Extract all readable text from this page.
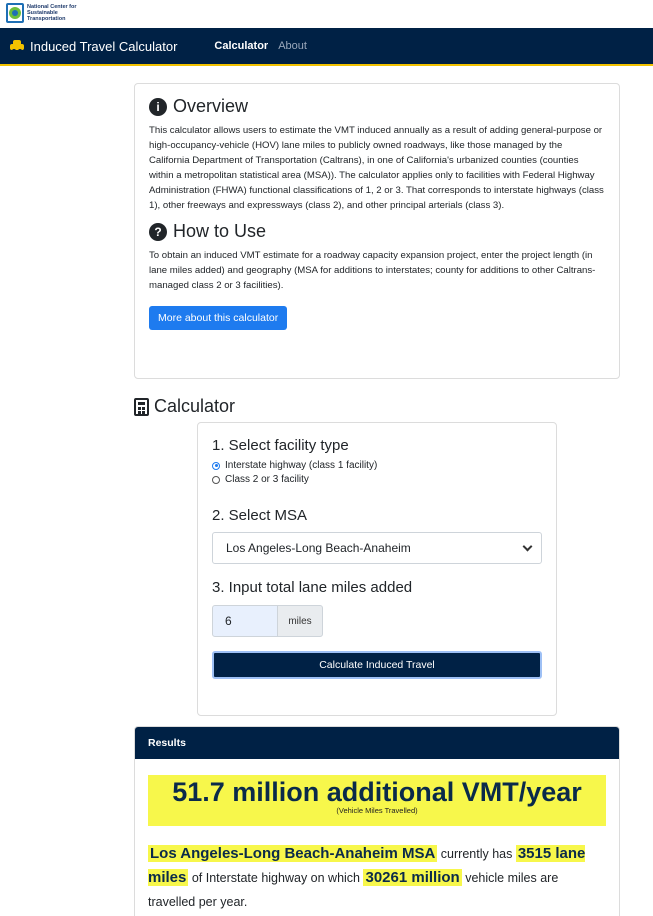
National Center for Sustainable Transportation
Induced Travel Calculator	Calculator About
i Overview

This calculator allows users to estimate the VMT induced annually as a result of adding general-purpose or high-occupancy-vehicle (HOV) lane miles to publicly owned roadways, like those managed by the California Department of Transportation (Caltrans), in one of California's urbanized counties (counties within a metropolitan statistical area (MSA)). The calculator applies only to facilities with Federal Highway Administration (FHWA) functional classifications of 1, 2 or 3. That corresponds to interstate highways (class 1), other freeways and expressways (class 2), and other principal arterials (class 3).

? How to Use

To obtain an induced VMT estimate for a roadway capacity expansion project, enter the project length (in lane miles added) and geography (MSA for additions to interstates; county for additions to other Caltrans-managed class 2 or 3 facilities).

More about this calculator
Calculator
1. Select facility type
Interstate highway (class 1 facility)
Class 2 or 3 facility
2. Select MSA
Los Angeles-Long Beach-Anaheim
3. Input total lane miles added
6	miles
Calculate Induced Travel
Results
51.7 million additional VMT/year
(Vehicle Miles Travelled)

Los Angeles-Long Beach-Anaheim MSA currently has 3515 lane miles of Interstate highway on which 30261 million vehicle miles are travelled per year.
